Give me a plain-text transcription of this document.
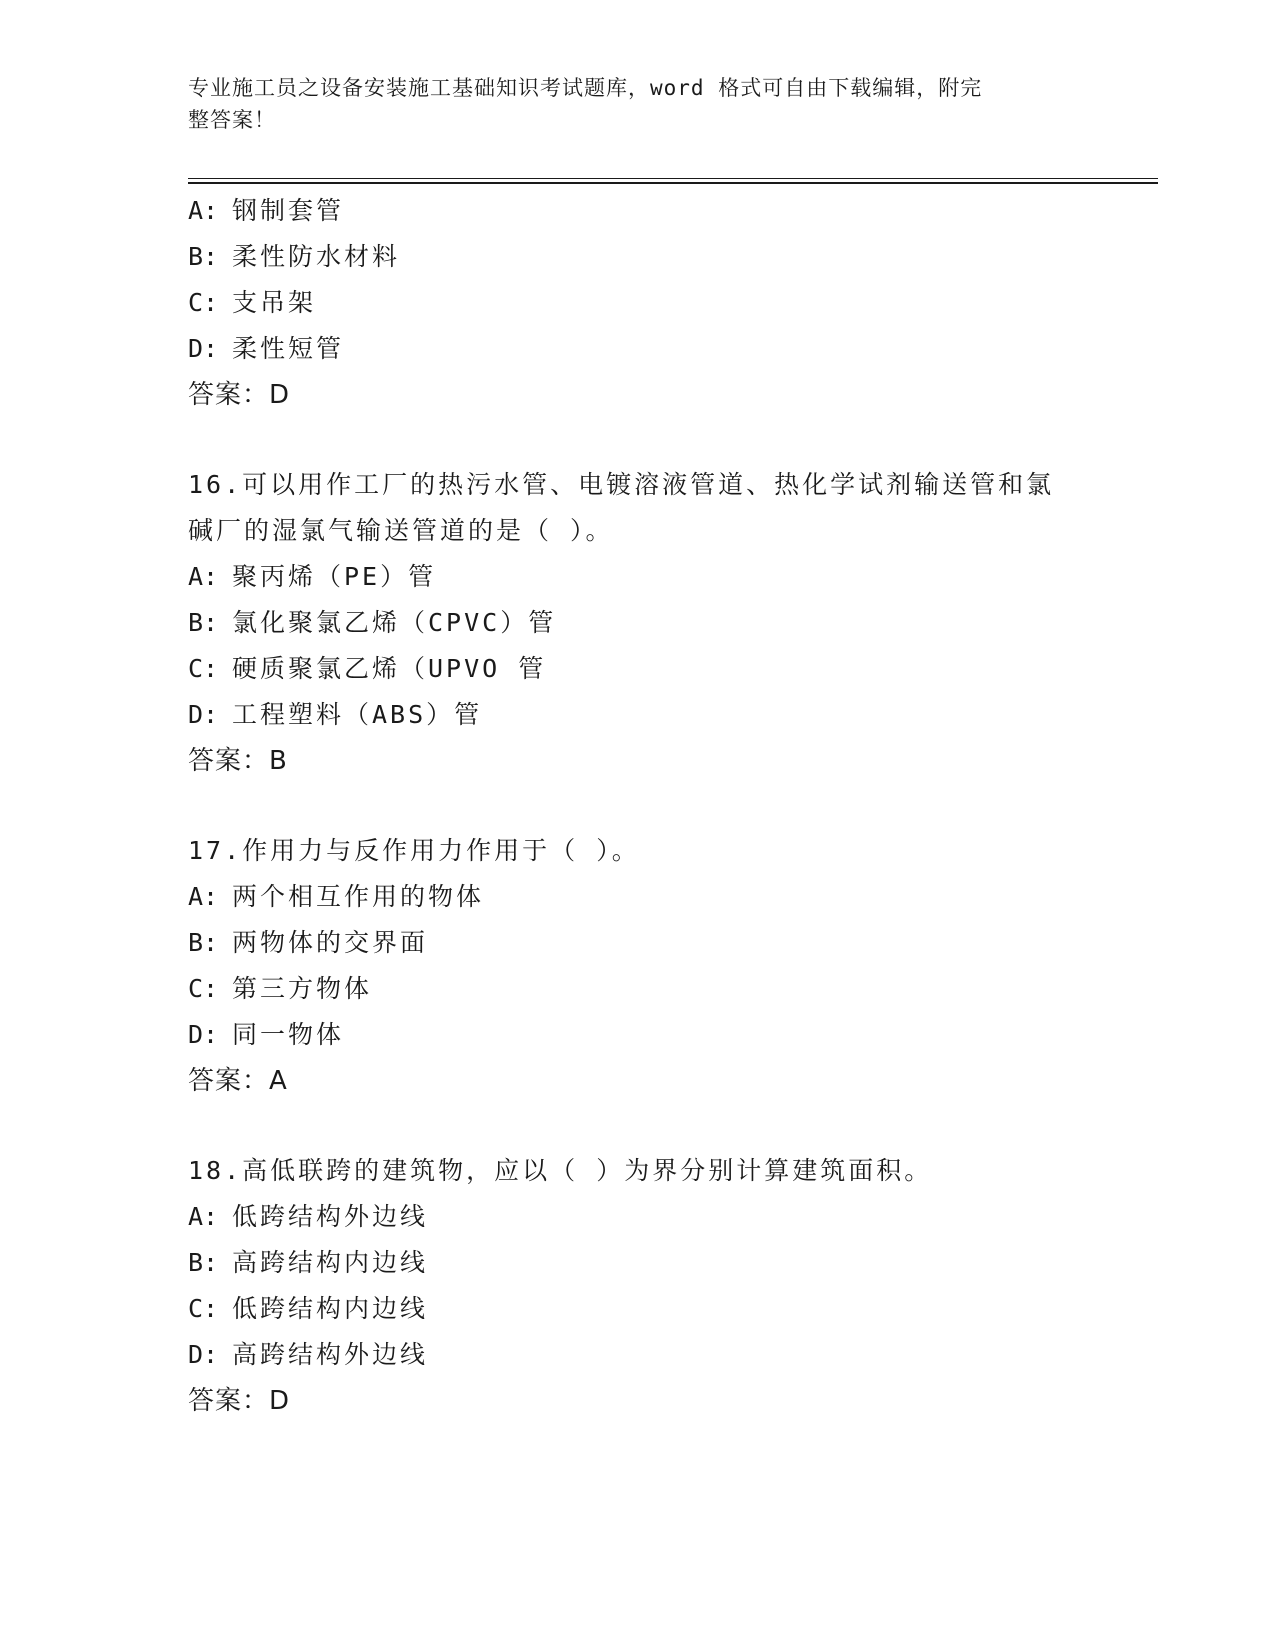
专业施工员之设备安装施工基础知识考试题库，word 格式可自由下载编辑，附完
整答案！
A: 钢制套管
B: 柔性防水材料
C: 支吊架
D: 柔性短管
答案：D
16.可以用作工厂的热污水管、电镀溶液管道、热化学试剂输送管和氯
碱厂的湿氯气输送管道的是（ ）。
A: 聚丙烯（PE）管
B: 氯化聚氯乙烯（CPVC）管
C: 硬质聚氯乙烯（UPVO 管
D: 工程塑料（ABS）管
答案：B
17.作用力与反作用力作用于（ ）。
A: 两个相互作用的物体
B: 两物体的交界面
C: 第三方物体
D: 同一物体
答案：A
18.高低联跨的建筑物，应以（ ）为界分别计算建筑面积。
A: 低跨结构外边线
B: 高跨结构内边线
C: 低跨结构内边线
D: 高跨结构外边线
答案：D
